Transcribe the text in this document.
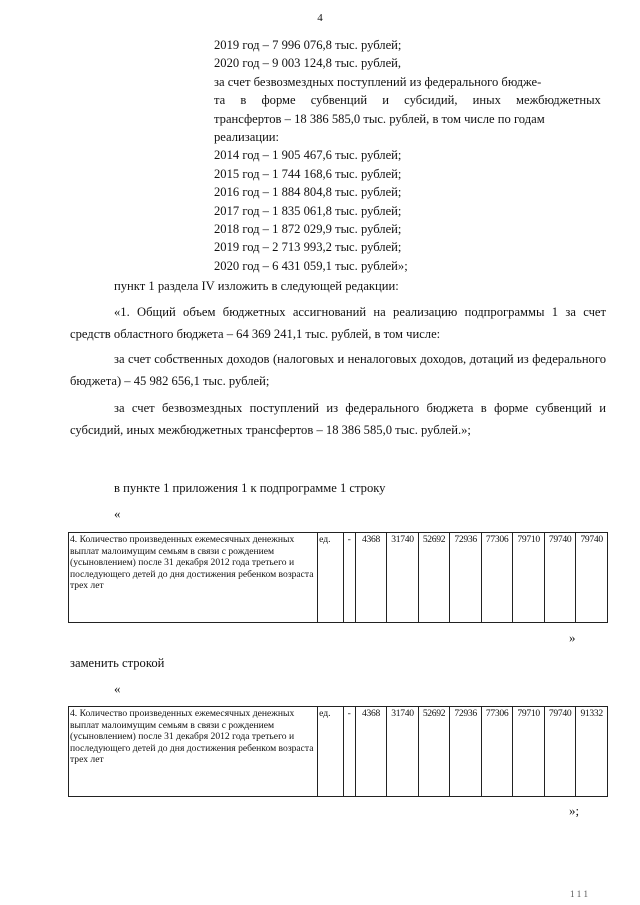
4
2019 год – 7 996 076,8 тыс. рублей;
2020 год – 9 003 124,8 тыс. рублей,
за счет безвозмездных поступлений из федерального бюдже-
та в форме субвенций и субсидий, иных межбюджетных
трансфертов – 18 386 585,0 тыс. рублей, в том числе по годам
реализации:
2014 год – 1 905 467,6 тыс. рублей;
2015 год – 1 744 168,6 тыс. рублей;
2016 год – 1 884 804,8 тыс. рублей;
2017 год – 1 835 061,8 тыс. рублей;
2018 год – 1 872 029,9 тыс. рублей;
2019 год – 2 713 993,2 тыс. рублей;
2020 год – 6 431 059,1 тыс. рублей»;
пункт 1 раздела IV изложить в следующей редакции:
«1. Общий объем бюджетных ассигнований на реализацию подпрограммы 1 за счет средств областного бюджета – 64 369 241,1 тыс. рублей, в том числе:
за счет собственных доходов (налоговых и неналоговых доходов, дотаций из федерального бюджета) – 45 982 656,1 тыс. рублей;
за счет безвозмездных поступлений из федерального бюджета в форме субвенций и субсидий, иных межбюджетных трансфертов – 18 386 585,0 тыс. рублей.»;
в пункте 1 приложения 1 к подпрограмме 1 строку
«
4. Количество произведенных ежемесячных денежных выплат малоимущим семьям в связи с рождением (усыновлением) после 31 декабря 2012 года третьего и последующего детей до дня достижения ребенком возраста трех лет	ед.	-	4368	31740	52692	72936	77306	79710	79740	79740
»
заменить строкой
«
4. Количество произведенных ежемесячных денежных выплат малоимущим семьям в связи с рождением (усыновлением) после 31 декабря 2012 года третьего и последующего детей до дня достижения ребенком возраста трех лет	ед.	-	4368	31740	52692	72936	77306	79710	79740	91332
»;
1 1 1
